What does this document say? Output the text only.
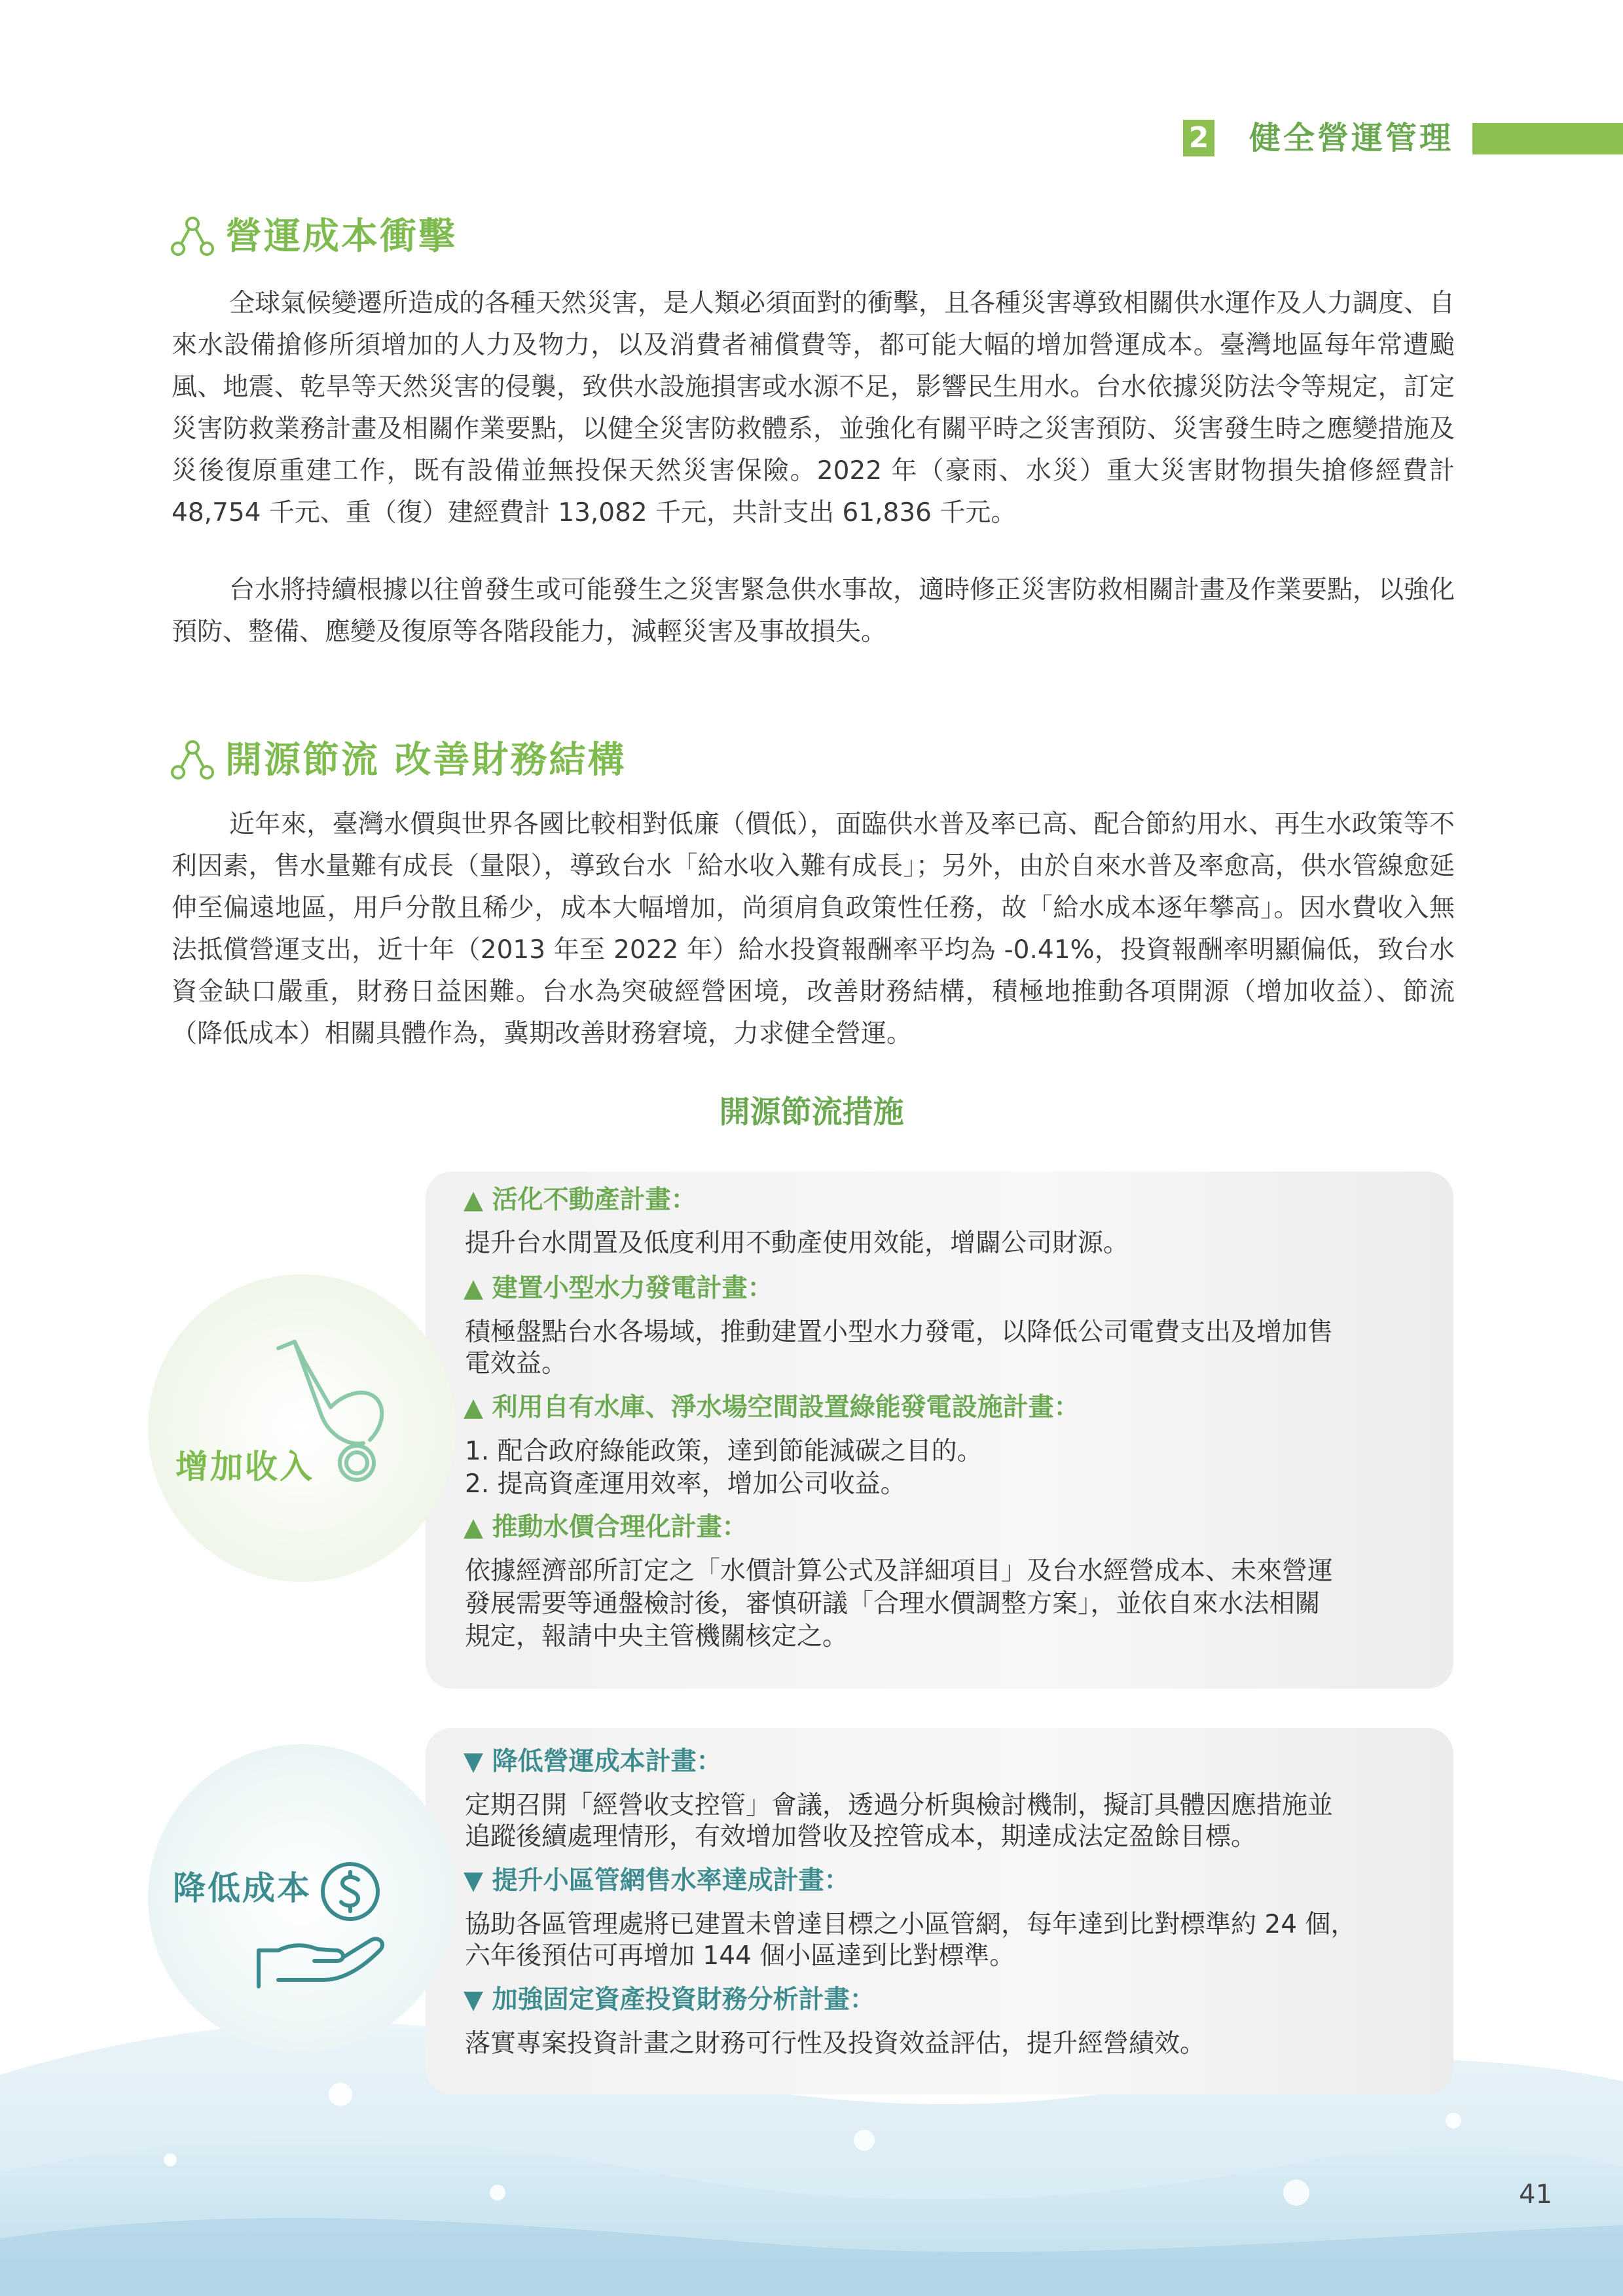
2 健全營運管理
營運成本衝擊

全球氣候變遷所造成的各種天然災害，是人類必須面對的衝擊，且各種災害導致相關供水運作及人力調度、自來水設備搶修所須增加的人力及物力，以及消費者補償費等，都可能大幅的增加營運成本。臺灣地區每年常遭颱風、地震、乾旱等天然災害的侵襲，致供水設施損害或水源不足，影響民生用水。台水依據災防法令等規定，訂定災害防救業務計畫及相關作業要點，以健全災害防救體系，並強化有關平時之災害預防、災害發生時之應變措施及災後復原重建工作，既有設備並無投保天然災害保險。2022 年（豪雨、水災）重大災害財物損失搶修經費計 48,754 千元、重（復）建經費計 13,082 千元，共計支出 61,836 千元。

台水將持續根據以往曾發生或可能發生之災害緊急供水事故，適時修正災害防救相關計畫及作業要點，以強化預防、整備、應變及復原等各階段能力，減輕災害及事故損失。

開源節流 改善財務結構

近年來，臺灣水價與世界各國比較相對低廉（價低），面臨供水普及率已高、配合節約用水、再生水政策等不利因素，售水量難有成長（量限），導致台水「給水收入難有成長」；另外，由於自來水普及率愈高，供水管線愈延伸至偏遠地區，用戶分散且稀少，成本大幅增加，尚須肩負政策性任務，故「給水成本逐年攀高」。因水費收入無法抵償營運支出，近十年（2013 年至 2022 年）給水投資報酬率平均為 -0.41%，投資報酬率明顯偏低，致台水資金缺口嚴重，財務日益困難。台水為突破經營困境，改善財務結構，積極地推動各項開源（增加收益）、節流（降低成本）相關具體作為，冀期改善財務窘境，力求健全營運。

開源節流措施
增加收入
▲ 活化不動產計畫：

提升台水閒置及低度利用不動產使用效能，增闢公司財源。

▲ 建置小型水力發電計畫：

積極盤點台水各場域，推動建置小型水力發電，以降低公司電費支出及增加售

電效益。

▲ 利用自有水庫、淨水場空間設置綠能發電設施計畫：

1. 配合政府綠能政策，達到節能減碳之目的。

2. 提高資產運用效率，增加公司收益。

▲ 推動水價合理化計畫：

依據經濟部所訂定之「水價計算公式及詳細項目」及台水經營成本、未來營運

發展需要等通盤檢討後，審慎研議「合理水價調整方案」，並依自來水法相關

規定，報請中央主管機關核定之。

降低成本
▼ 降低營運成本計畫：

定期召開「經營收支控管」會議，透過分析與檢討機制，擬訂具體因應措施並

追蹤後續處理情形，有效增加營收及控管成本，期達成法定盈餘目標。

▼ 提升小區管網售水率達成計畫：

協助各區管理處將已建置未曾達目標之小區管網，每年達到比對標準約 24 個，

六年後預估可再增加 144 個小區達到比對標準。

▼ 加強固定資產投資財務分析計畫：

落實專案投資計畫之財務可行性及投資效益評估，提升經營績效。

41
